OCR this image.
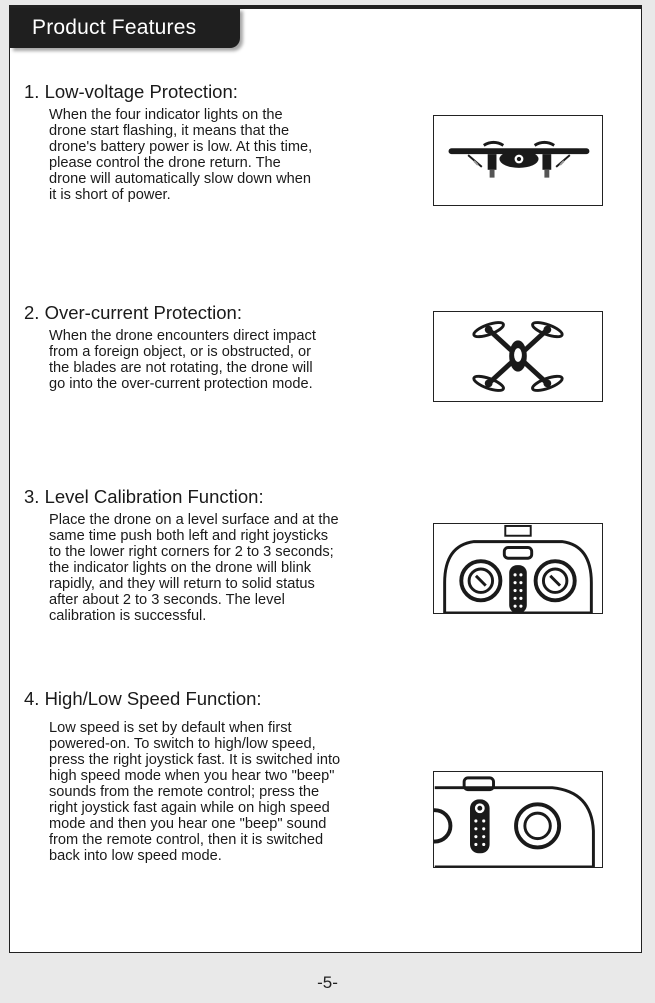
Product Features
1. Low-voltage Protection:
When the four indicator lights on the
drone start flashing, it means that the
drone's battery power is low. At this time,
please control the drone return. The
drone will automatically slow down when
it is short of power.
2. Over-current Protection:
When the drone encounters direct impact
from a foreign object, or is obstructed, or
the blades are not rotating, the drone will
go into the over-current protection mode.
3. Level Calibration Function:
Place the drone on a level surface and at the
same time push both left and right joysticks
to the lower right corners for 2 to 3 seconds;
the indicator lights on the drone will blink
rapidly, and they will return to solid status
after about 2 to 3 seconds. The level
calibration is successful.
4. High/Low Speed Function:
Low speed is set by default when first
powered-on. To switch to high/low speed,
press the right joystick fast. It is switched into
high speed mode when you hear two "beep"
sounds from the remote control; press the
right joystick fast again while on high speed
mode and then you hear one "beep" sound
from the remote control, then it is switched
back into low speed mode.
-5-
